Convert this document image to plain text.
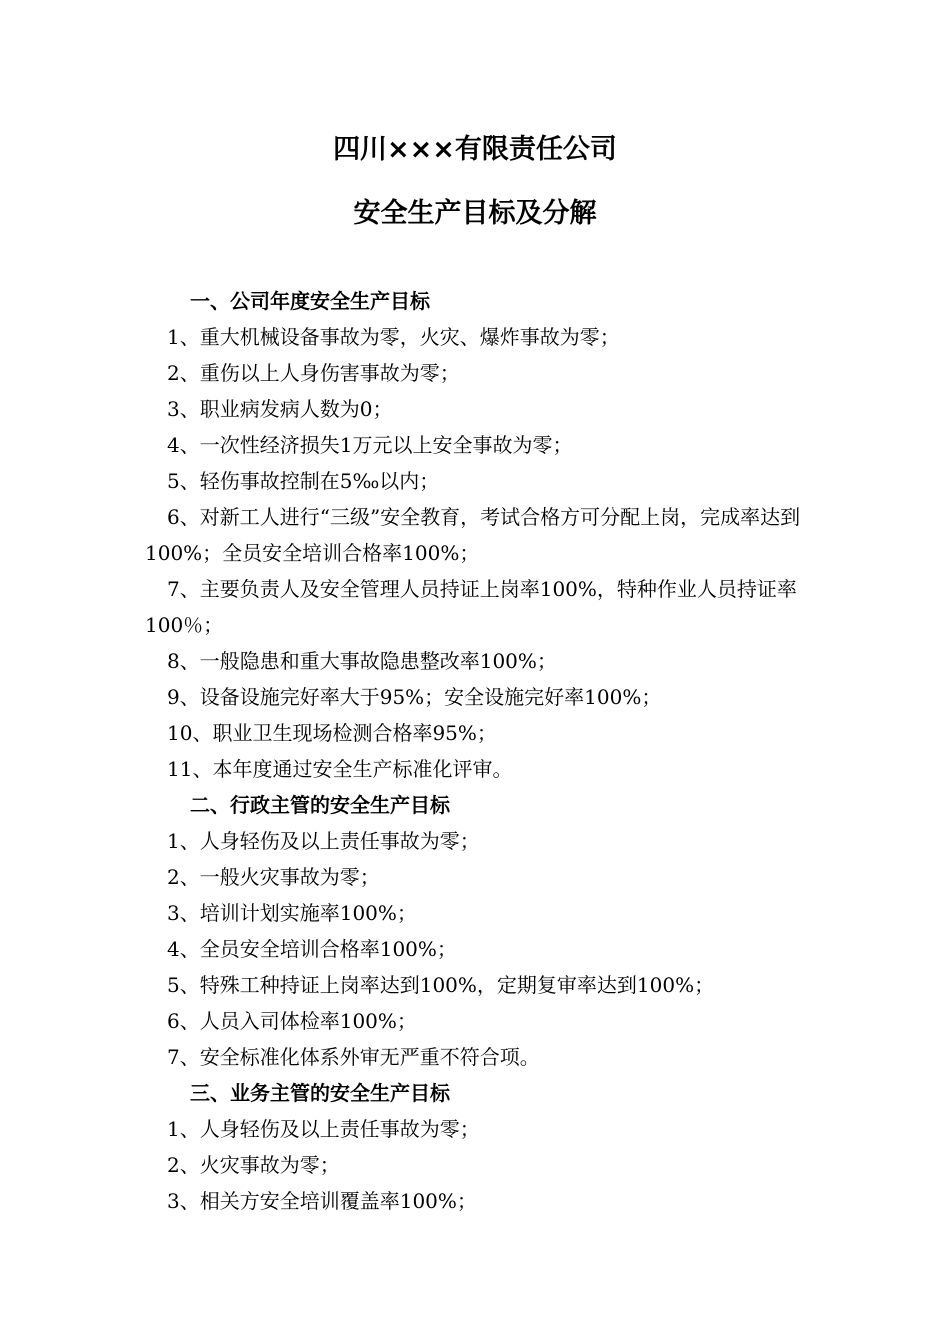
四川×××有限责任公司
安全生产目标及分解
一、公司年度安全生产目标
1、重大机械设备事故为零，火灾、爆炸事故为零；
2、重伤以上人身伤害事故为零；
3、职业病发病人数为0；
4、一次性经济损失1万元以上安全事故为零；
5、轻伤事故控制在5‰以内；
6、对新工人进行“三级”安全教育，考试合格方可分配上岗，完成率达到100%；全员安全培训合格率100%；
7、主要负责人及安全管理人员持证上岗率100%，特种作业人员持证率100％；
8、一般隐患和重大事故隐患整改率100%；
9、设备设施完好率大于95%；安全设施完好率100%；
10、职业卫生现场检测合格率95%；
11、本年度通过安全生产标准化评审。
二、行政主管的安全生产目标
1、人身轻伤及以上责任事故为零；
2、一般火灾事故为零；
3、培训计划实施率100%；
4、全员安全培训合格率100%；
5、特殊工种持证上岗率达到100%，定期复审率达到100%；
6、人员入司体检率100%；
7、安全标准化体系外审无严重不符合项。
三、业务主管的安全生产目标
1、人身轻伤及以上责任事故为零；
2、火灾事故为零；
3、相关方安全培训覆盖率100%；
